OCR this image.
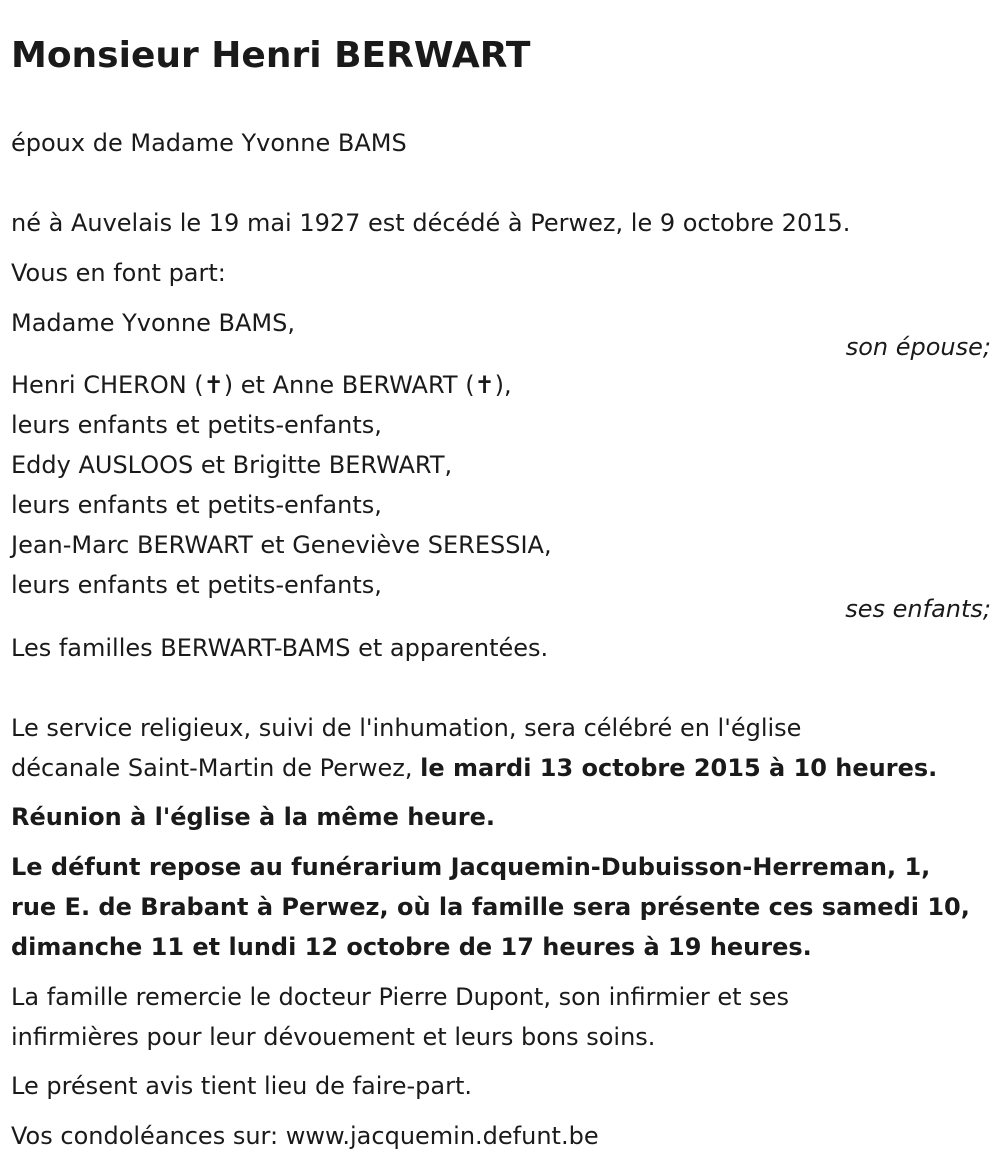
Monsieur Henri BERWART

époux de Madame Yvonne BAMS

né à Auvelais le 19 mai 1927 est décédé à Perwez, le 9 octobre 2015.

Vous en font part:

Madame Yvonne BAMS,

son épouse;

Henri CHERON (✝) et Anne BERWART (✝),

leurs enfants et petits-enfants,

Eddy AUSLOOS et Brigitte BERWART,

leurs enfants et petits-enfants,

Jean-Marc BERWART et Geneviève SERESSIA,

leurs enfants et petits-enfants,

ses enfants;

Les familles BERWART-BAMS et apparentées.

Le service religieux, suivi de l'inhumation, sera célébré en l'église

décanale Saint-Martin de Perwez, le mardi 13 octobre 2015 à 10 heures.

Réunion à l'église à la même heure.

Le défunt repose au funérarium Jacquemin-Dubuisson-Herreman, 1,

rue E. de Brabant à Perwez, où la famille sera présente ces samedi 10,

dimanche 11 et lundi 12 octobre de 17 heures à 19 heures.

La famille remercie le docteur Pierre Dupont, son infirmier et ses

infirmières pour leur dévouement et leurs bons soins.

Le présent avis tient lieu de faire-part.

Vos condoléances sur: www.jacquemin.defunt.be
